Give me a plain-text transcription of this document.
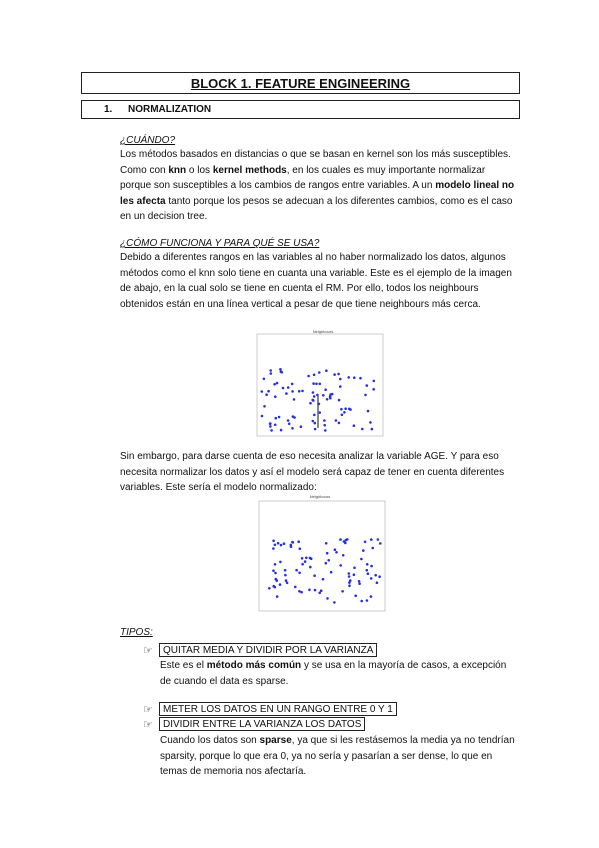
BLOCK 1. FEATURE ENGINEERING
1.	NORMALIZATION
¿CUÁNDO?

Los métodos basados en distancias o que se basan en kernel son los más susceptibles. Como con knn o los kernel methods, en los cuales es muy importante normalizar porque son susceptibles a los cambios de rangos entre variables. A un modelo lineal no les afecta tanto porque los pesos se adecuan a los diferentes cambios, como es el caso en un decision tree.

¿CÓMO FUNCIONA Y PARA QUÉ SE USA?

Debido a diferentes rangos en las variables al no haber normalizado los datos, algunos métodos como el knn solo tiene en cuanta una variable. Este es el ejemplo de la imagen de abajo, en la cual solo se tiene en cuenta el RM. Por ello, todos los neighbours obtenidos están en una línea vertical a pesar de que tiene neighbours más cerca.

Neighbours

Sin embargo, para darse cuenta de eso necesita analizar la variable AGE. Y para eso necesita normalizar los datos y así el modelo será capaz de tener en cuenta diferentes variables. Este sería el modelo normalizado:

Neighbours
TIPOS:
☞	QUITAR MEDIA Y DIVIDIR POR LA VARIANZA

Este es el método más común y se usa en la mayoría de casos, a excepción de cuando el data es sparse.

☞	METER LOS DATOS EN UN RANGO ENTRE 0 Y 1
☞	DIVIDIR ENTRE LA VARIANZA LOS DATOS

Cuando los datos son sparse, ya que si les restásemos la media ya no tendrían sparsity, porque lo que era 0, ya no sería y pasarían a ser dense, lo que en temas de memoria nos afectaría.
